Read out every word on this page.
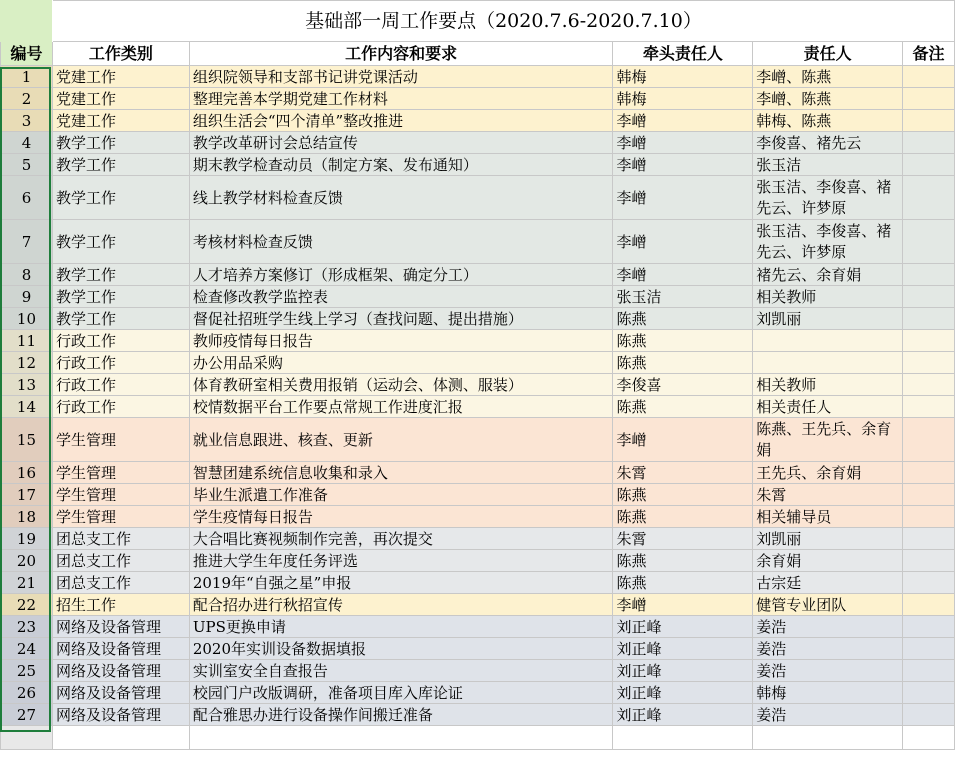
	基础部一周工作要点（2020.7.6-2020.7.10）				
编号	工作类别	工作内容和要求	牵头责任人	责任人	备注
1	党建工作	组织院领导和支部书记讲党课活动	韩梅	李嶒、陈燕	
2	党建工作	整理完善本学期党建工作材料	韩梅	李嶒、陈燕	
3	党建工作	组织生活会“四个清单”整改推进	李嶒	韩梅、陈燕	
4	教学工作	教学改革研讨会总结宣传	李嶒	李俊喜、褚先云	
5	教学工作	期末教学检查动员（制定方案、发布通知）	李嶒	张玉洁	
6	教学工作	线上教学材料检查反馈	李嶒	张玉洁、李俊喜、褚先云、许梦原	
7	教学工作	考核材料检查反馈	李嶒	张玉洁、李俊喜、褚先云、许梦原	
8	教学工作	人才培养方案修订（形成框架、确定分工）	李嶒	褚先云、余育娟	
9	教学工作	检查修改教学监控表	张玉洁	相关教师	
10	教学工作	督促社招班学生线上学习（查找问题、提出措施）	陈燕	刘凯丽	
11	行政工作	教师疫情每日报告	陈燕		
12	行政工作	办公用品采购	陈燕		
13	行政工作	体育教研室相关费用报销（运动会、体测、服装）	李俊喜	相关教师	
14	行政工作	校情数据平台工作要点常规工作进度汇报	陈燕	相关责任人	
15	学生管理	就业信息跟进、核查、更新	李嶒	陈燕、王先兵、余育娟	
16	学生管理	智慧团建系统信息收集和录入	朱霄	王先兵、余育娟	
17	学生管理	毕业生派遣工作准备	陈燕	朱霄	
18	学生管理	学生疫情每日报告	陈燕	相关辅导员	
19	团总支工作	大合唱比赛视频制作完善，再次提交	朱霄	刘凯丽	
20	团总支工作	推进大学生年度任务评选	陈燕	余育娟	
21	团总支工作	2019年“自强之星”申报	陈燕	古宗廷	
22	招生工作	配合招办进行秋招宣传	李嶒	健管专业团队	
23	网络及设备管理	UPS更换申请	刘正峰	姜浩	
24	网络及设备管理	2020年实训设备数据填报	刘正峰	姜浩	
25	网络及设备管理	实训室安全自查报告	刘正峰	姜浩	
26	网络及设备管理	校园门户改版调研，准备项目库入库论证	刘正峰	韩梅	
27	网络及设备管理	配合雅思办进行设备操作间搬迁准备	刘正峰	姜浩	
